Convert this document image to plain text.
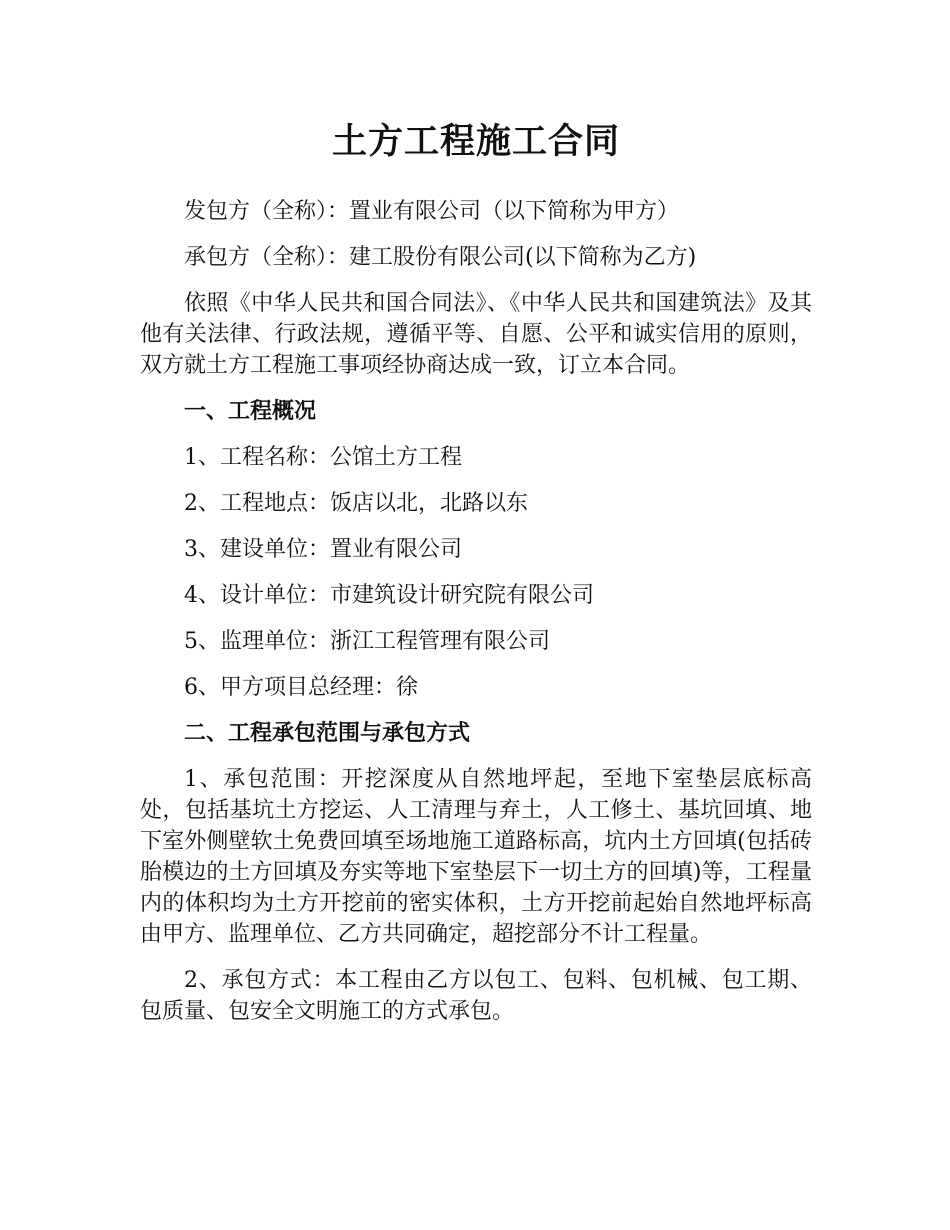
土方工程施工合同

发包方（全称）：置业有限公司（以下简称为甲方）

承包方（全称）：建工股份有限公司(以下简称为乙方)

依照《中华人民共和国合同法》、《中华人民共和国建筑法》及其他有关法律、行政法规，遵循平等、自愿、公平和诚实信用的原则，双方就土方工程施工事项经协商达成一致，订立本合同。

一、工程概况

1、工程名称：公馆土方工程

2、工程地点：饭店以北，北路以东

3、建设单位：置业有限公司

4、设计单位：市建筑设计研究院有限公司

5、监理单位：浙江工程管理有限公司

6、甲方项目总经理：徐

二、工程承包范围与承包方式

1、承包范围：开挖深度从自然地坪起，至地下室垫层底标高处，包括基坑土方挖运、人工清理与弃土，人工修土、基坑回填、地下室外侧壁软土免费回填至场地施工道路标高，坑内土方回填(包括砖胎模边的土方回填及夯实等地下室垫层下一切土方的回填)等，工程量内的体积均为土方开挖前的密实体积，土方开挖前起始自然地坪标高由甲方、监理单位、乙方共同确定，超挖部分不计工程量。

2、承包方式：本工程由乙方以包工、包料、包机械、包工期、包质量、包安全文明施工的方式承包。
